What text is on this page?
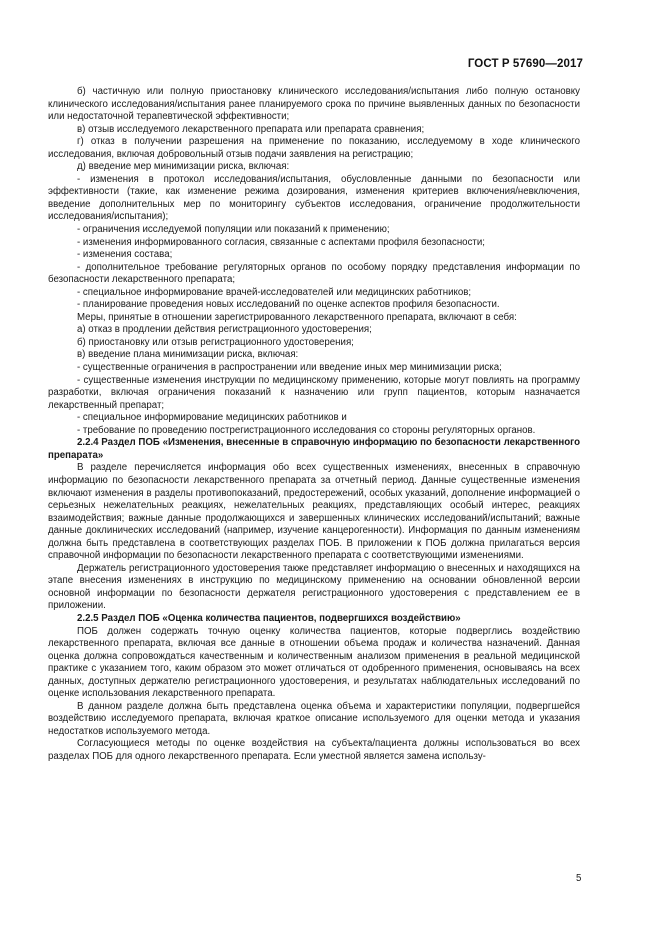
ГОСТ Р 57690—2017

б) частичную или полную приостановку клинического исследования/испытания либо полную остановку клинического исследования/испытания ранее планируемого срока по причине выявленных данных по безопасности или недостаточной терапевтической эффективности;

в) отзыв исследуемого лекарственного препарата или препарата сравнения;

г) отказ в получении разрешения на применение по показанию, исследуемому в ходе клинического исследования, включая добровольный отзыв подачи заявления на регистрацию;

д) введение мер минимизации риска, включая:

- изменения в протокол исследования/испытания, обусловленные данными по безопасности или эффективности (такие, как изменение режима дозирования, изменения критериев включения/невключения, введение дополнительных мер по мониторингу субъектов исследования, ограничение продолжительности исследования/испытания);

- ограничения исследуемой популяции или показаний к применению;

- изменения информированного согласия, связанные с аспектами профиля безопасности;

- изменения состава;

- дополнительное требование регуляторных органов по особому порядку представления информации по безопасности лекарственного препарата;

- специальное информирование врачей-исследователей или медицинских работников;

- планирование проведения новых исследований по оценке аспектов профиля безопасности.

Меры, принятые в отношении зарегистрированного лекарственного препарата, включают в себя:

а) отказ в продлении действия регистрационного удостоверения;

б) приостановку или отзыв регистрационного удостоверения;

в) введение плана минимизации риска, включая:

- существенные ограничения в распространении или введение иных мер минимизации риска;

- существенные изменения инструкции по медицинскому применению, которые могут повлиять на программу разработки, включая ограничения показаний к назначению или групп пациентов, которым назначается лекарственный препарат;

- специальное информирование медицинских работников и

- требование по проведению пострегистрационного исследования со стороны регуляторных органов.

2.2.4 Раздел ПОБ «Изменения, внесенные в справочную информацию по безопасности лекарственного препарата»

В разделе перечисляется информация обо всех существенных изменениях, внесенных в справочную информацию по безопасности лекарственного препарата за отчетный период. Данные существенные изменения включают изменения в разделы противопоказаний, предостережений, особых указаний, дополнение информацией о серьезных нежелательных реакциях, нежелательных реакциях, представляющих особый интерес, реакциях взаимодействия; важные данные продолжающихся и завершенных клинических исследований/испытаний; важные данные доклинических исследований (например, изучение канцерогенности). Информация по данным изменениям должна быть представлена в соответствующих разделах ПОБ. В приложении к ПОБ должна прилагаться версия справочной информации по безопасности лекарственного препарата с соответствующими изменениями.

Держатель регистрационного удостоверения также представляет информацию о внесенных и находящихся на этапе внесения изменениях в инструкцию по медицинскому применению на основании обновленной версии основной информации по безопасности держателя регистрационного удостоверения с представлением ее в приложении.

2.2.5 Раздел ПОБ «Оценка количества пациентов, подвергшихся воздействию»

ПОБ должен содержать точную оценку количества пациентов, которые подверглись воздействию лекарственного препарата, включая все данные в отношении объема продаж и количества назначений. Данная оценка должна сопровождаться качественным и количественным анализом применения в реальной медицинской практике с указанием того, каким образом это может отличаться от одобренного применения, основываясь на всех данных, доступных держателю регистрационного удостоверения, и результатах наблюдательных исследований по оценке использования лекарственного препарата.

В данном разделе должна быть представлена оценка объема и характеристики популяции, подвергшейся воздействию исследуемого препарата, включая краткое описание используемого для оценки метода и указания недостатков используемого метода.

Согласующиеся методы по оценке воздействия на субъекта/пациента должны использоваться во всех разделах ПОБ для одного лекарственного препарата. Если уместной является замена использу-

5
